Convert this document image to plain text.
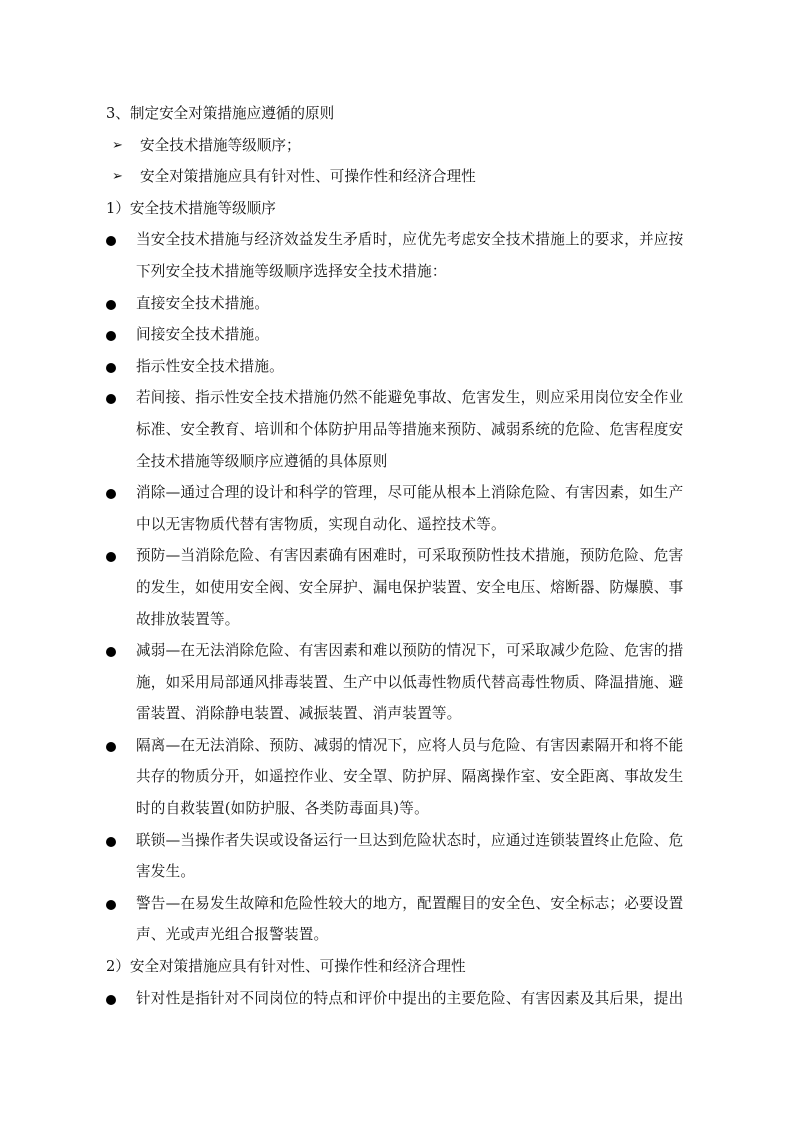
3、制定安全对策措施应遵循的原则
➢ 安全技术措施等级顺序；
➢ 安全对策措施应具有针对性、可操作性和经济合理性
1）安全技术措施等级顺序
当安全技术措施与经济效益发生矛盾时，应优先考虑安全技术措施上的要求，并应按
下列安全技术措施等级顺序选择安全技术措施：
直接安全技术措施。
间接安全技术措施。
指示性安全技术措施。
若间接、指示性安全技术措施仍然不能避免事故、危害发生，则应采用岗位安全作业
标准、安全教育、培训和个体防护用品等措施来预防、减弱系统的危险、危害程度安
全技术措施等级顺序应遵循的具体原则
消除—通过合理的设计和科学的管理，尽可能从根本上消除危险、有害因素，如生产
中以无害物质代替有害物质，实现自动化、遥控技术等。
预防—当消除危险、有害因素确有困难时，可采取预防性技术措施，预防危险、危害
的发生，如使用安全阀、安全屏护、漏电保护装置、安全电压、熔断器、防爆膜、事
故排放装置等。
减弱—在无法消除危险、有害因素和难以预防的情况下，可采取减少危险、危害的措
施，如采用局部通风排毒装置、生产中以低毒性物质代替高毒性物质、降温措施、避
雷装置、消除静电装置、减振装置、消声装置等。
隔离—在无法消除、预防、减弱的情况下，应将人员与危险、有害因素隔开和将不能
共存的物质分开，如遥控作业、安全罩、防护屏、隔离操作室、安全距离、事故发生
时的自救装置(如防护服、各类防毒面具)等。
联锁—当操作者失误或设备运行一旦达到危险状态时，应通过连锁装置终止危险、危
害发生。
警告—在易发生故障和危险性较大的地方，配置醒目的安全色、安全标志；必要设置
声、光或声光组合报警装置。
2）安全对策措施应具有针对性、可操作性和经济合理性
针对性是指针对不同岗位的特点和评价中提出的主要危险、有害因素及其后果，提出
